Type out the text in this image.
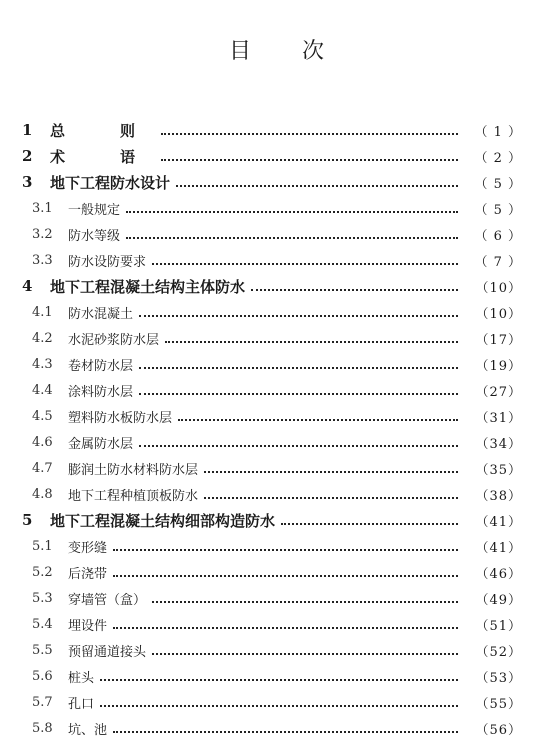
目 次
1	总　则	（ 1 ）
2	术　语	（ 2 ）
3	地下工程防水设计	（ 5 ）
3.1	一般规定	（ 5 ）
3.2	防水等级	（ 6 ）
3.3	防水设防要求	（ 7 ）
4	地下工程混凝土结构主体防水	（10）
4.1	防水混凝土	（10）
4.2	水泥砂浆防水层	（17）
4.3	卷材防水层	（19）
4.4	涂料防水层	（27）
4.5	塑料防水板防水层	（31）
4.6	金属防水层	（34）
4.7	膨润土防水材料防水层	（35）
4.8	地下工程种植顶板防水	（38）
5	地下工程混凝土结构细部构造防水	（41）
5.1	变形缝	（41）
5.2	后浇带	（46）
5.3	穿墙管（盒）	（49）
5.4	埋设件	（51）
5.5	预留通道接头	（52）
5.6	桩头	（53）
5.7	孔口	（55）
5.8	坑、池	（56）
